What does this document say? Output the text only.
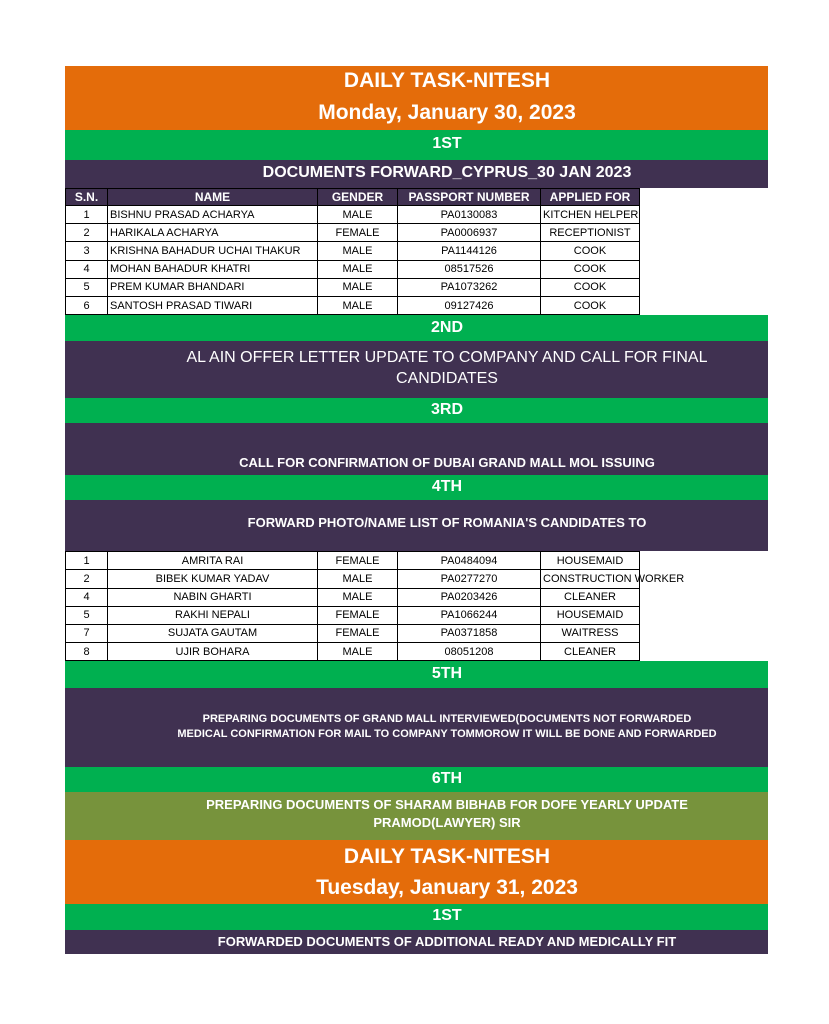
DAILY TASK-NITESH
Monday, January 30, 2023
1ST
DOCUMENTS FORWARD_CYPRUS_30 JAN 2023
S.N.	NAME	GENDER	PASSPORT NUMBER	APPLIED FOR
1	BISHNU PRASAD ACHARYA	MALE	PA0130083	KITCHEN HELPER
2	HARIKALA ACHARYA	FEMALE	PA0006937	RECEPTIONIST
3	KRISHNA BAHADUR UCHAI THAKUR	MALE	PA1144126	COOK
4	MOHAN BAHADUR KHATRI	MALE	08517526	COOK
5	PREM KUMAR BHANDARI	MALE	PA1073262	COOK
6	SANTOSH PRASAD TIWARI	MALE	09127426	COOK
2ND
AL AIN OFFER LETTER UPDATE TO COMPANY AND CALL FOR FINAL
CANDIDATES
3RD
CALL FOR CONFIRMATION OF DUBAI GRAND MALL MOL ISSUING
4TH
FORWARD PHOTO/NAME LIST OF ROMANIA'S CANDIDATES TO
1	AMRITA RAI	FEMALE	PA0484094	HOUSEMAID
2	BIBEK KUMAR YADAV	MALE	PA0277270	CONSTRUCTION WORKER
4	NABIN GHARTI	MALE	PA0203426	CLEANER
5	RAKHI NEPALI	FEMALE	PA1066244	HOUSEMAID
7	SUJATA GAUTAM	FEMALE	PA0371858	WAITRESS
8	UJIR BOHARA	MALE	08051208	CLEANER
5TH
PREPARING DOCUMENTS OF GRAND MALL INTERVIEWED(DOCUMENTS NOT FORWARDED
MEDICAL CONFIRMATION FOR MAIL TO COMPANY TOMMOROW IT WILL BE DONE AND FORWARDED
6TH
PREPARING DOCUMENTS OF SHARAM BIBHAB FOR DOFE YEARLY UPDATE
PRAMOD(LAWYER) SIR
DAILY TASK-NITESH
Tuesday, January 31, 2023
1ST
FORWARDED DOCUMENTS OF ADDITIONAL READY AND MEDICALLY FIT
